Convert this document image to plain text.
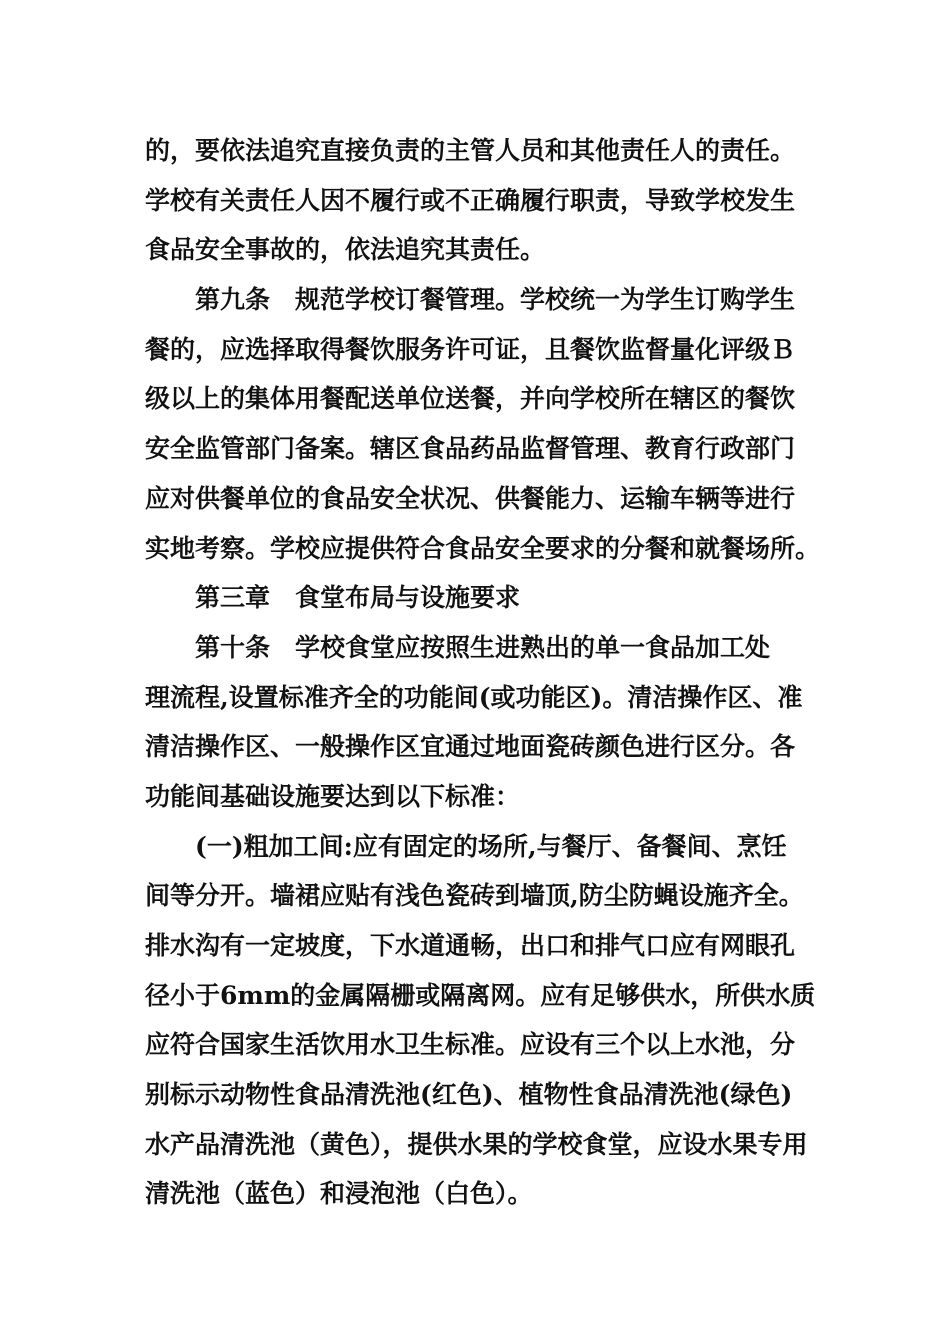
的，要依法追究直接负责的主管人员和其他责任人的责任。
学校有关责任人因不履行或不正确履行职责，导致学校发生
食品安全事故的，依法追究其责任。
第九条　规范学校订餐管理。学校统一为学生订购学生
餐的，应选择取得餐饮服务许可证，且餐饮监督量化评级Ｂ
级以上的集体用餐配送单位送餐，并向学校所在辖区的餐饮
安全监管部门备案。辖区食品药品监督管理、教育行政部门
应对供餐单位的食品安全状况、供餐能力、运输车辆等进行
实地考察。学校应提供符合食品安全要求的分餐和就餐场所。
第三章　食堂布局与设施要求
第十条　学校食堂应按照生进熟出的单一食品加工处
理流程,设置标准齐全的功能间(或功能区)。清洁操作区、准
清洁操作区、一般操作区宜通过地面瓷砖颜色进行区分。各
功能间基础设施要达到以下标准：
(一)粗加工间:应有固定的场所,与餐厅、备餐间、烹饪
间等分开。墙裙应贴有浅色瓷砖到墙顶,防尘防蝇设施齐全。
排水沟有一定坡度，下水道通畅，出口和排气口应有网眼孔
径小于6mm的金属隔栅或隔离网。应有足够供水，所供水质
应符合国家生活饮用水卫生标准。应设有三个以上水池，分
别标示动物性食品清洗池(红色)、植物性食品清洗池(绿色)
水产品清洗池（黄色），提供水果的学校食堂，应设水果专用
清洗池（蓝色）和浸泡池（白色）。
